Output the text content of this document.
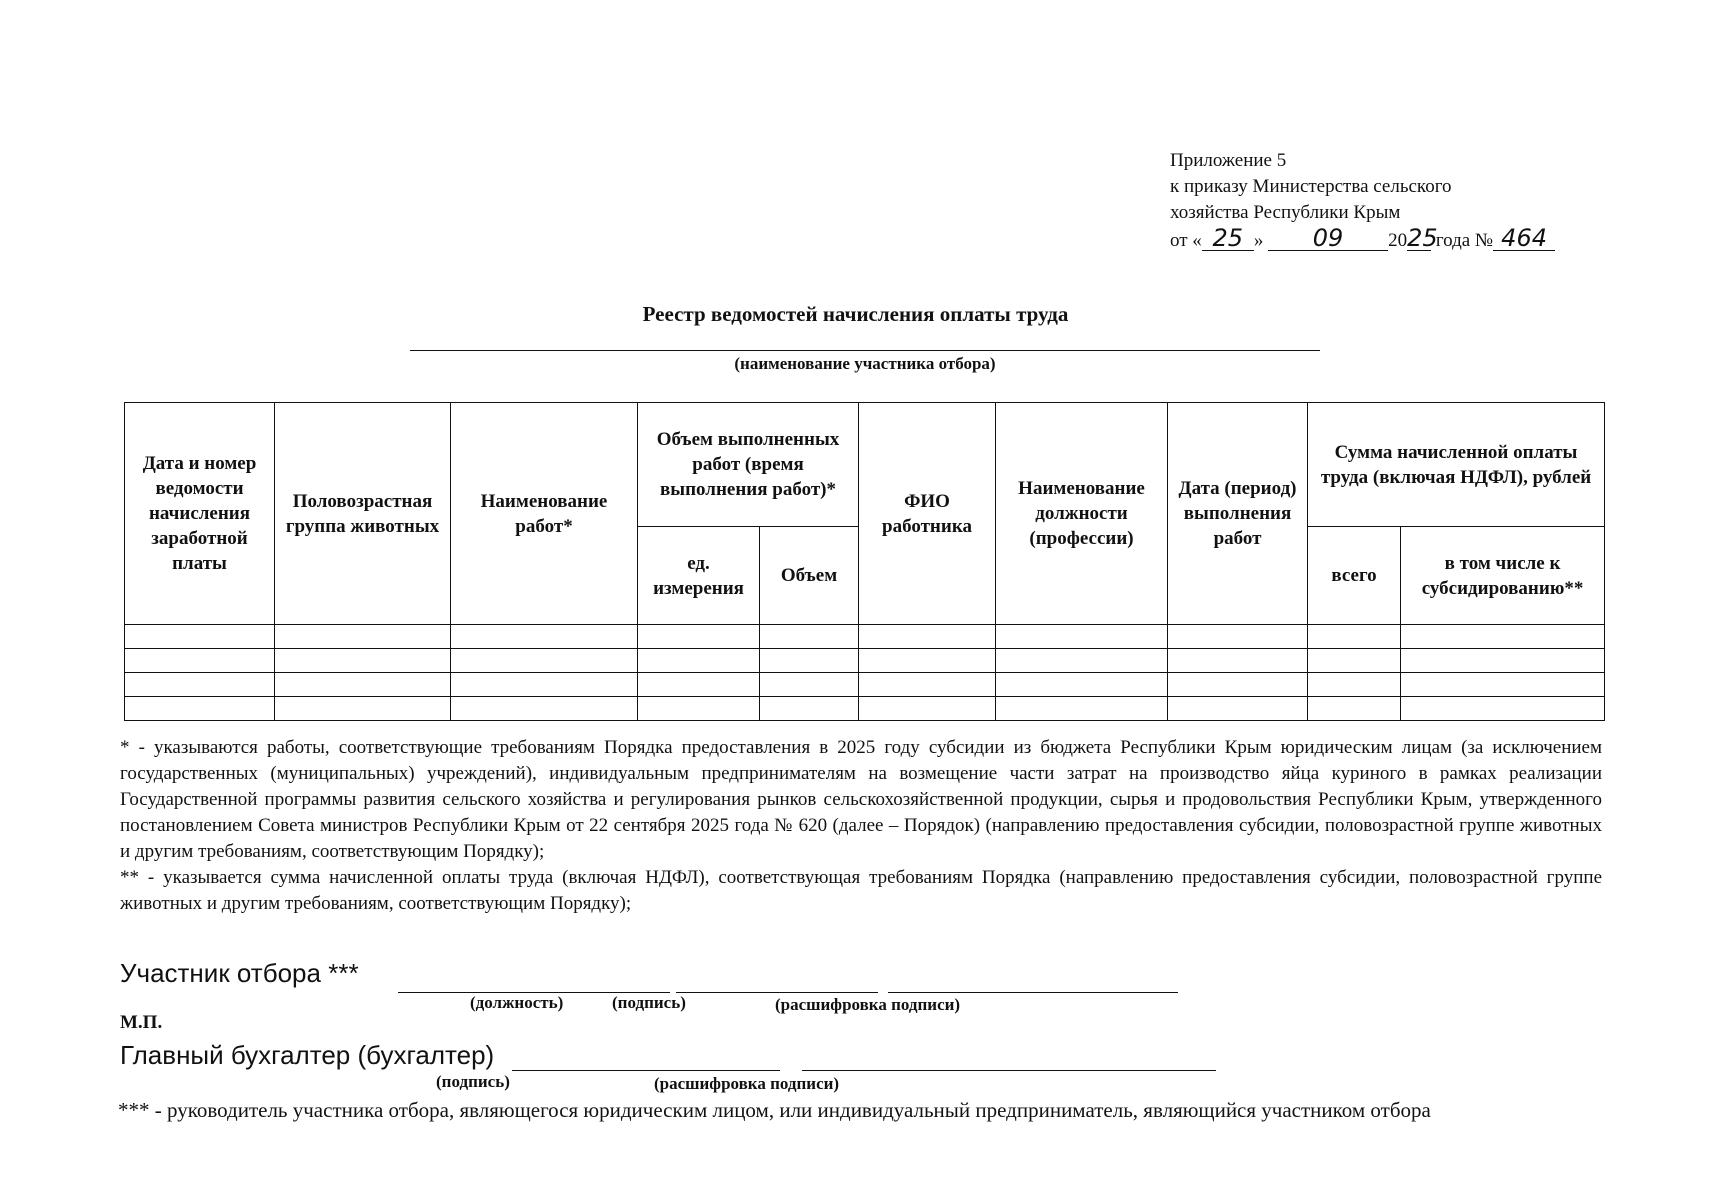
Приложение 5
к приказу Министерства сельского
хозяйства Республики Крым
от « 25 » 09 2025 года № 464
Реестр ведомостей начисления оплаты труда
(наименование участника отбора)
Дата и номер ведомости начисления заработной платы	Половозрастная группа животных	Наименование работ*	Объем выполненных работ (время выполнения работ)*		ФИО работника	Наименование должности (профессии)	Дата (период) выполнения работ	Сумма начисленной оплаты труда (включая НДФЛ), рублей	
			ед. измерения	Объем				всего	в том числе к субсидированию**

* - указываются работы, соответствующие требованиям Порядка предоставления в 2025 году субсидии из бюджета Республики Крым юридическим лицам (за исключением государственных (муниципальных) учреждений), индивидуальным предпринимателям на возмещение части затрат на производство яйца куриного в рамках реализации Государственной программы развития сельского хозяйства и регулирования рынков сельскохозяйственной продукции, сырья и продовольствия Республики Крым, утвержденного постановлением Совета министров Республики Крым от 22 сентября 2025 года № 620 (далее – Порядок) (направлению предоставления субсидии, половозрастной группе животных и другим требованиям, соответствующим Порядку);

** - указывается сумма начисленной оплаты труда (включая НДФЛ), соответствующая требованиям Порядка (направлению предоставления субсидии, половозрастной группе животных и другим требованиям, соответствующим Порядку);

Участник отбора ***
(должность)	(подпись)	(расшифровка подписи)
М.П.
Главный бухгалтер (бухгалтер)
(подпись)	(расшифровка подписи)
*** - руководитель участника отбора, являющегося юридическим лицом, или индивидуальный предприниматель, являющийся участником отбора
